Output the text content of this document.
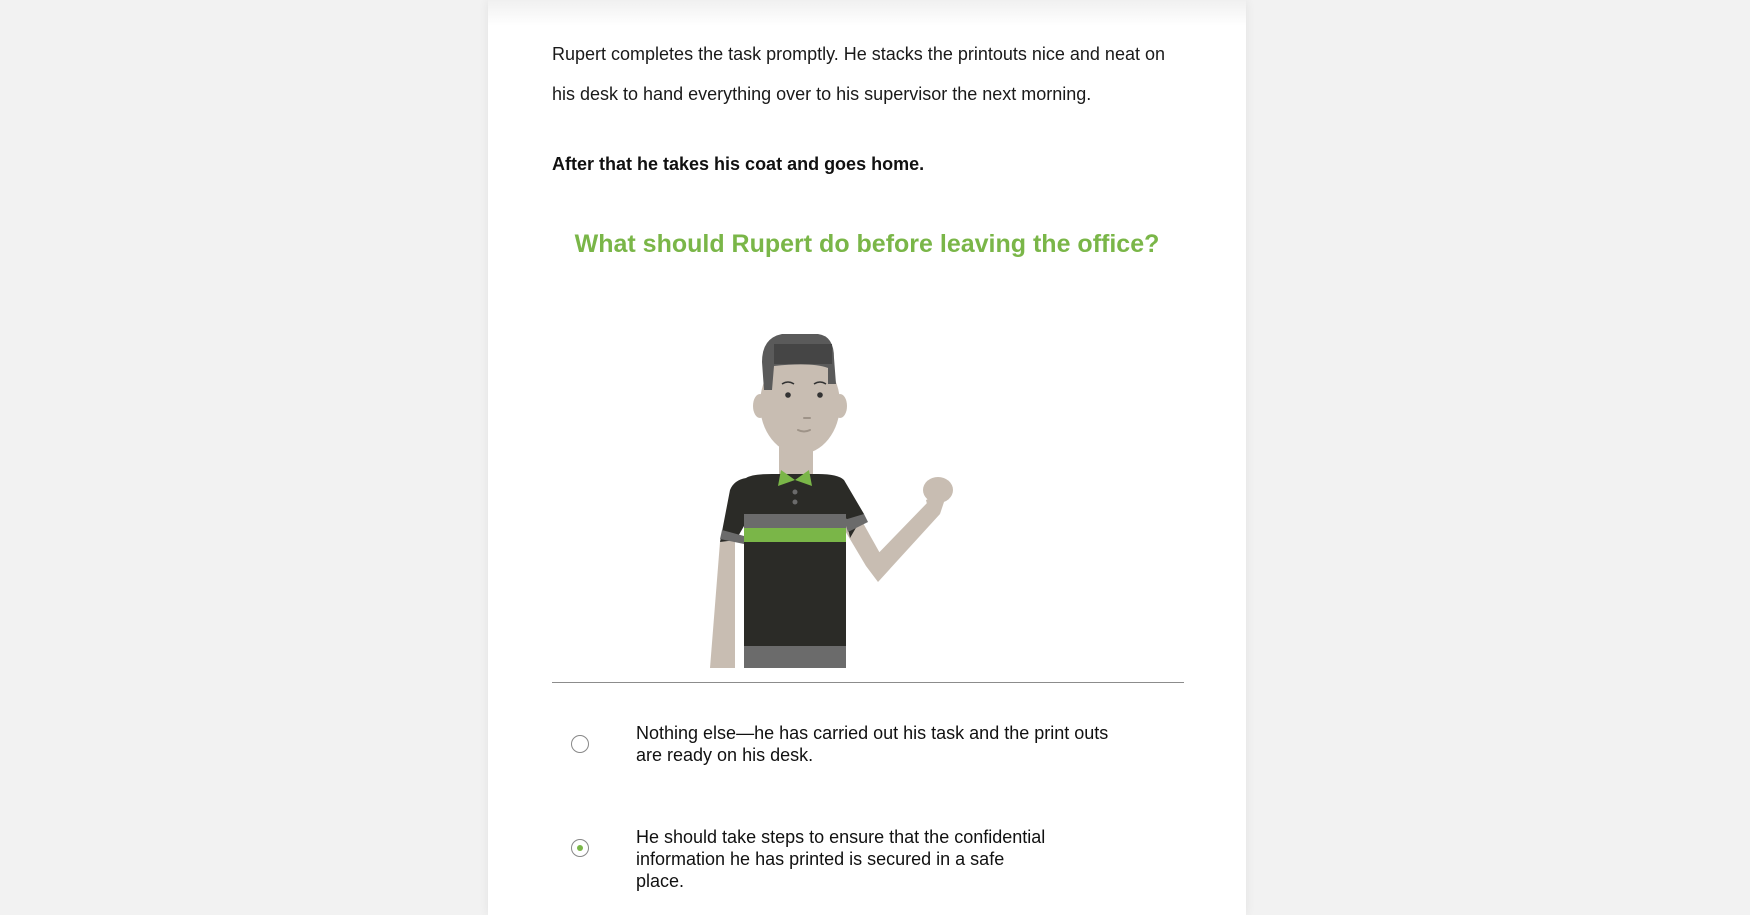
Rupert completes the task promptly. He stacks the printouts nice and neat on his desk to hand everything over to his supervisor the next morning.

After that he takes his coat and goes home.

What should Rupert do before leaving the office?
Nothing else—he has carried out his task and the print outs are ready on his desk.
He should take steps to ensure that the confidential information he has printed is secured in a safe place.
